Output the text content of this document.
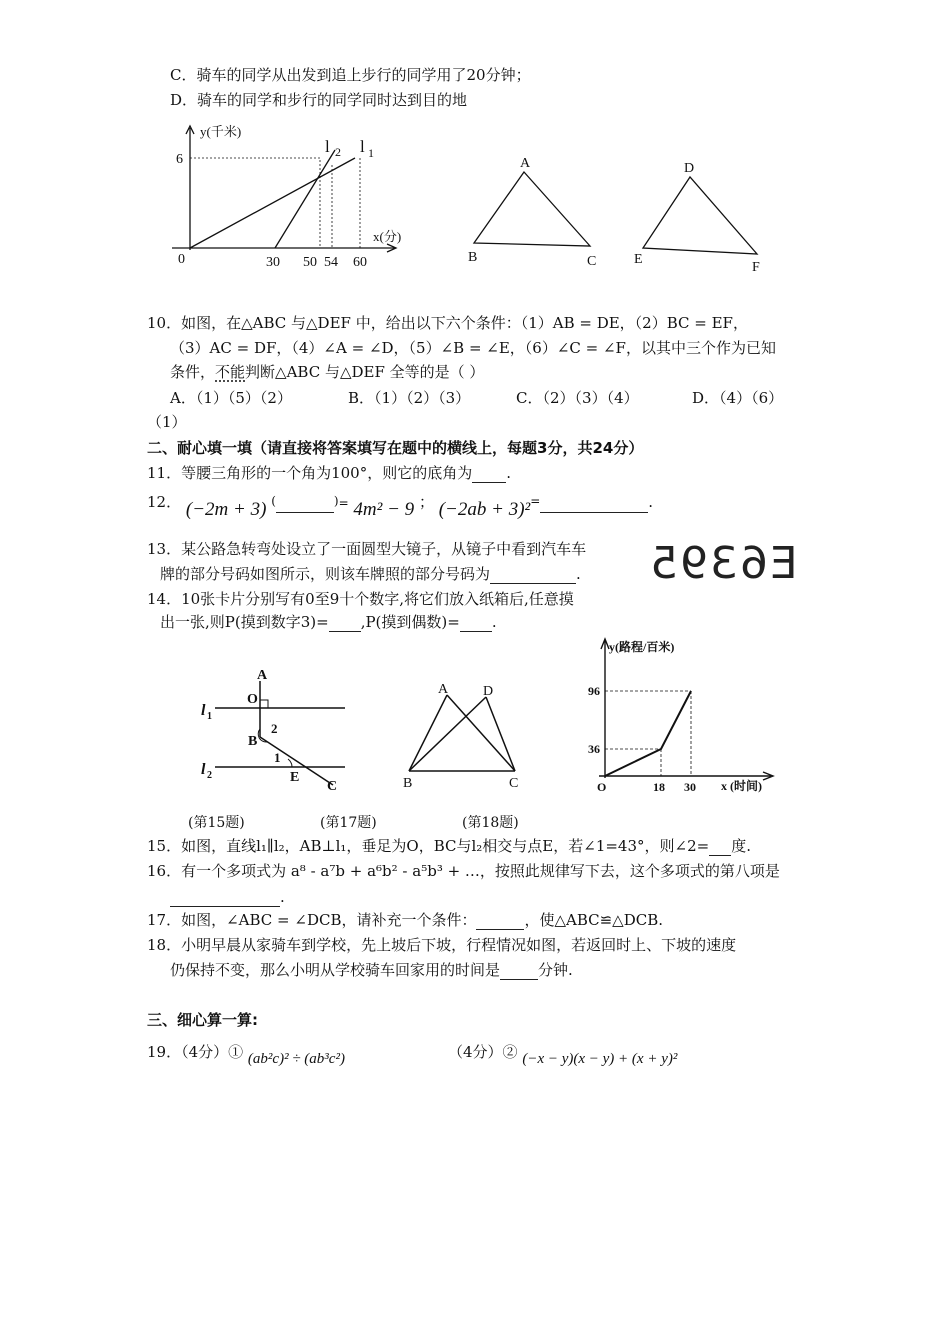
C．骑车的同学从出发到追上步行的同学用了20分钟；
D．骑车的同学和步行的同学同时达到目的地
y(千米)
x(分)
6
0	30 50 54 60
l 2 l 1
A
B	C
D
E
F
10．如图，在△ABC 与△DEF 中，给出以下六个条件：（1）AB = DE，（2）BC = EF，
（3）AC = DF，（4）∠A = ∠D，（5）∠B = ∠E，（6）∠C = ∠F，以其中三个作为已知
条件，不能判断△ABC 与△DEF 全等的是（ ）
A．（1）（5）（2）	B．（1）（2）（3）	C．（2）（3）（4）	D．（4）（6）
（1）
二、耐心填一填（请直接将答案填写在题中的横线上，每题3分，共24分）
11．等腰三角形的一个角为100°，则它的底角为 .
12． (−2m + 3) (	)= 4m² − 9 ； (−2ab + 3)²=	.
13．某公路急转弯处设立了一面圆型大镜子，从镜子中看到汽车车
牌的部分号码如图所示，则该车牌照的部分号码为	. E6395
14．10张卡片分别写有0至9十个数字,将它们放入纸箱后,任意摸
出一张,则P(摸到数字3)= ,P(摸到偶数)= .
A
O
B
2
1
E
C
l 1
l 2
A D
B	C
y(路程/百米)
x (时间)
O
36
96
18 30
(第15题)	(第17题)	(第18题)
15．如图，直线l₁∥l₂，AB⊥l₁，垂足为O，BC与l₂相交与点E，若∠1=43°，则∠2= 度.
16．有一个多项式为 a⁸ - a⁷b + a⁶b² - a⁵b³ + …，按照此规律写下去，这个多项式的第八项是
.
17．如图，∠ABC = ∠DCB，请补充一个条件：	，使△ABC≌△DCB.
18．小明早晨从家骑车到学校，先上坡后下坡，行程情况如图，若返回时上、下坡的速度
仍保持不变，那么小明从学校骑车回家用的时间是	分钟.
三、细心算一算:
19．（4分）① (ab²c)² ÷ (ab³c²)	（4分）② (−x − y)(x − y) + (x + y)²
